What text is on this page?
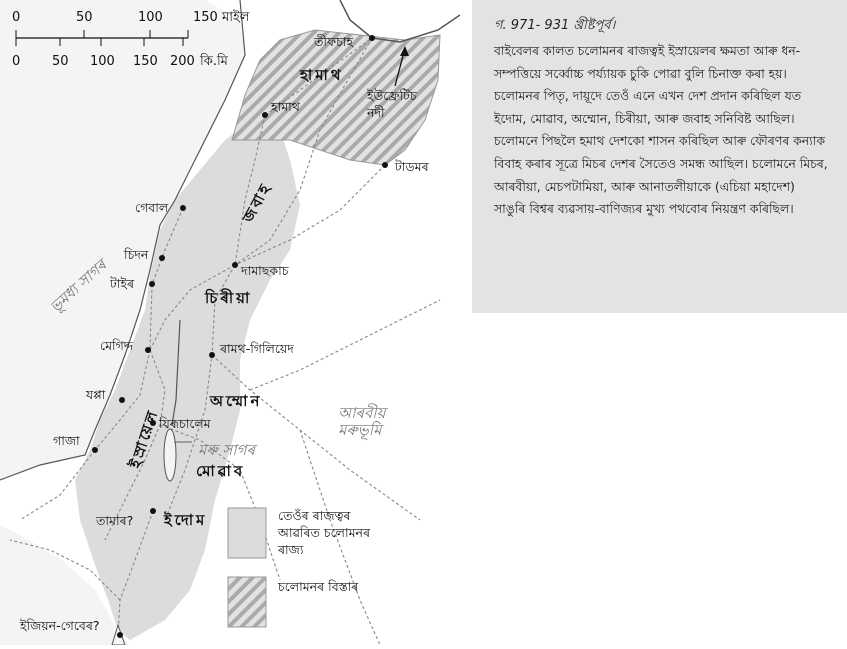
0	50	100 150 মাইল
0 50 100 150 200 কি.মি
তীফচাহ
হামাথ
টাডমৰ
গেবাল
চিদন
টাইৰ
দামাছকাচ
মেগিদ্দ	ৰামথ-গিলিয়েদ
যপ্পা
যিৰূচালেম
গাজা
তামাৰ?
ইজিয়ন-গেবেৰ?
হামাথ
জবাহ
চিৰীয়া
অম্মোন
মোৱাব
ইদোম
ইস্ৰায়েল
ভূমধ্য সাগৰ
মৰু সাগৰ
ইউফ্ৰেটিচ নদী
আৰবীয় মৰুভূমি
তেওঁৰ ৰাজত্বৰ আৱৰিত চলোমনৰ ৰাজ্য
চলোমনৰ বিস্তাৰ
গ. 971- 931 খ্ৰীষ্টপূৰ্ব।
বাইবেলৰ কালত চলোমনৰ ৰাজত্বই ইস্ৰায়েলৰ ক্ষমতা আৰু ধন-সম্পত্তিয়ে সৰ্ব্বোচ্চ পৰ্য্যায়ক চুকি পোৱা বুলি চিনাক্ত কৰা হয়। চলোমনৰ পিতৃ, দায়ূদে তেওঁ এনে এখন দেশ প্ৰদান কৰিছিল যত ইদোম, মোৱাব, অম্মোন, চিৰীয়া, আৰু জবাহ সনিবিষ্ট আছিল। চলোমনে পিছলৈ হমাথ দেশকো শাসন কৰিছিল আৰু ফৌৰণৰ কন্যাক বিবাহ কৰাৰ সূত্ৰে মিচৰ দেশৰ সৈতেও সমন্ধ আছিল। চলোমনে মিচৰ, আৰবীয়া, মেচপটামিয়া, আৰু আনাতলীয়াকে (এচিয়া মহাদেশ) সাঙুৰি বিশ্বৰ ব্যৱসায়-বাণিজ্যৰ মুখ্য পথবোৰ নিয়ন্ত্ৰণ কৰিছিল।
